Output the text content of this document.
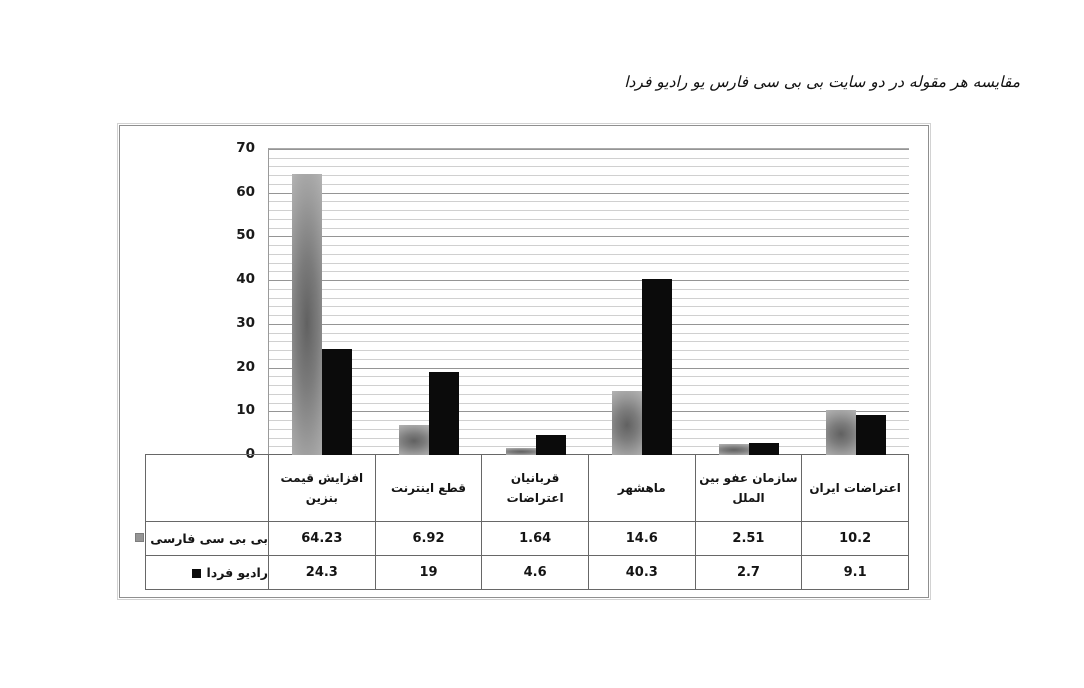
مقایسه هر مقوله در دو سایت بی بی سی فارس یو رادیو فردا
0
10
20
30
40
50
60
70
	افزایش قیمت بنزین	قطع اینترنت	قربانیان اعتراضات	ماهشهر	سازمان عفو بین الملل	اعتراضات ایران
بی بی سی فارسی	64.23	6.92	1.64	14.6	2.51	10.2
رادیو فردا	24.3	19	4.6	40.3	2.7	9.1
